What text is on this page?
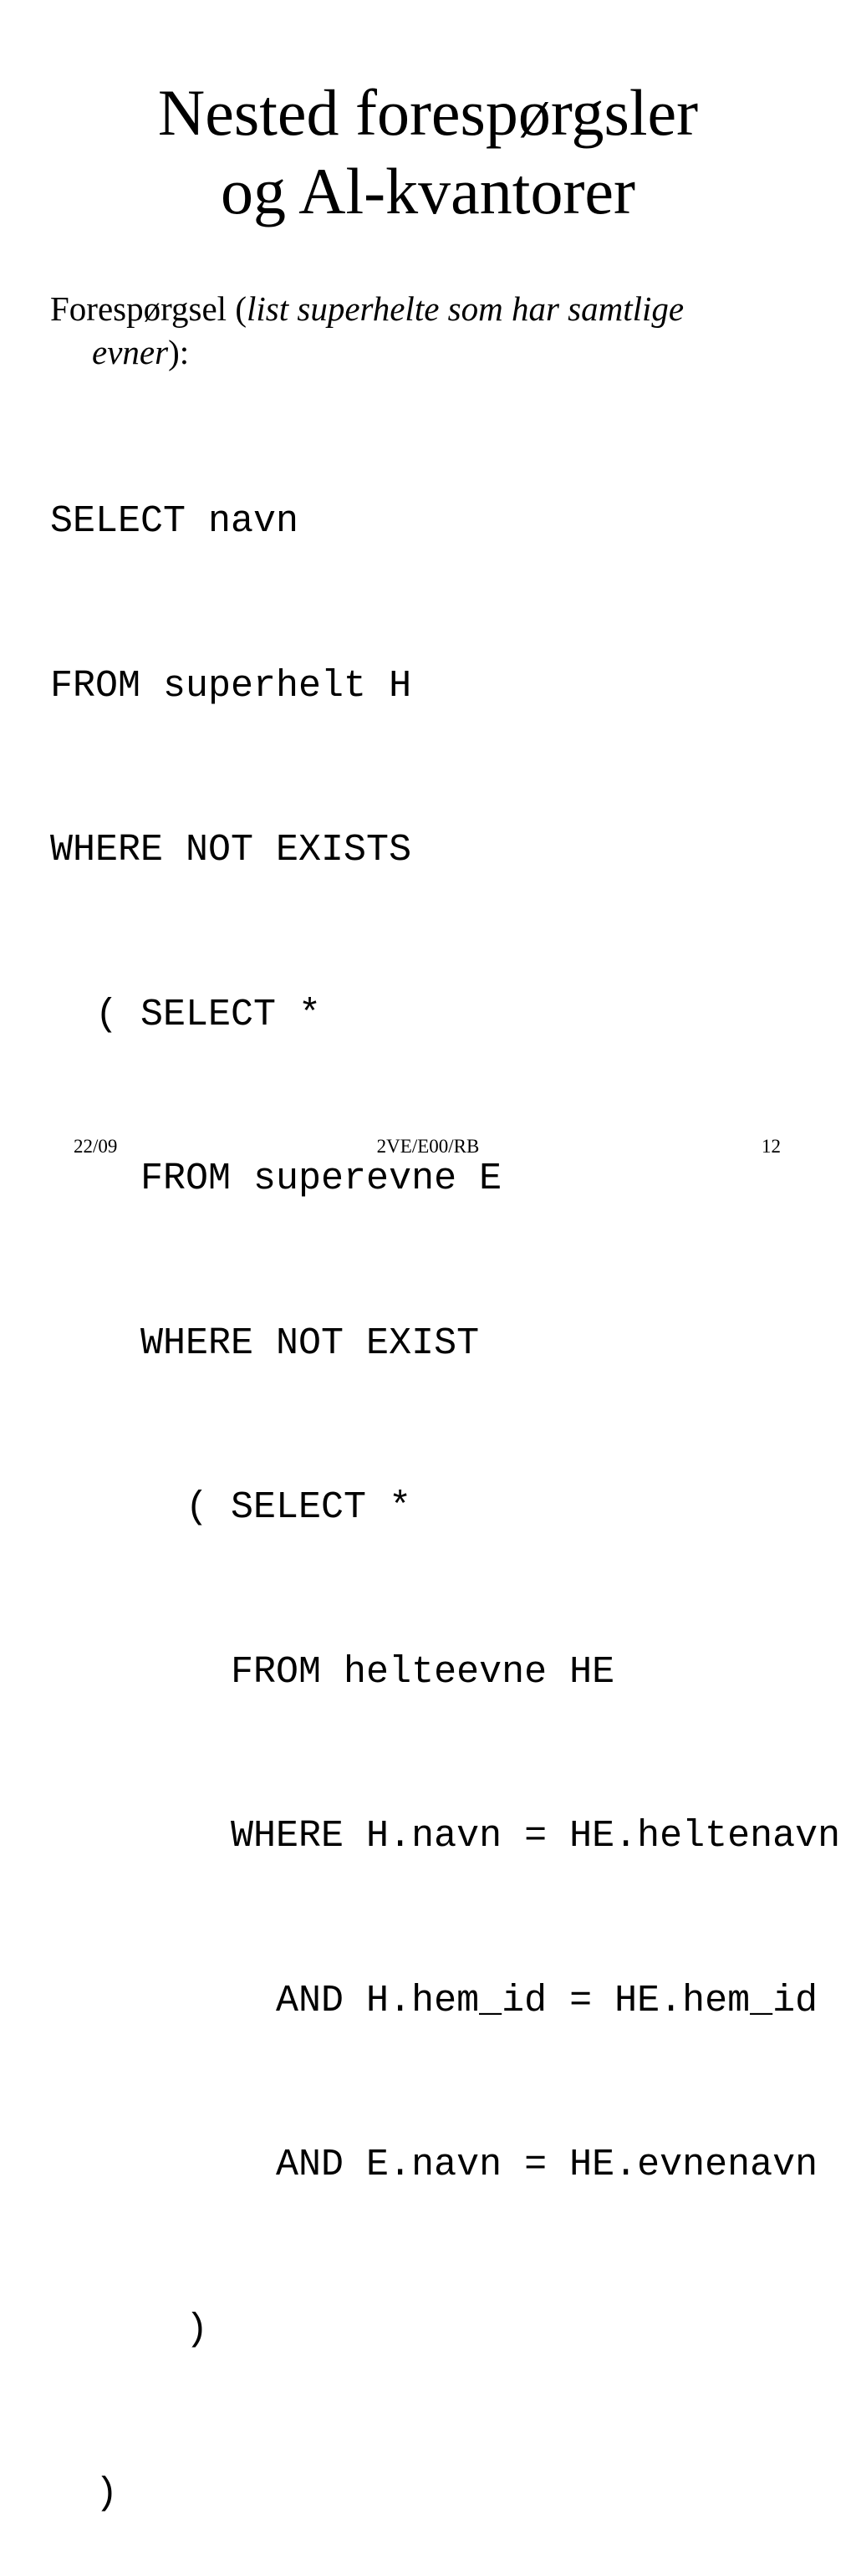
Nested forespørgsler
og Al-kvantorer

Forespørgsel (list superhelte som har samtlige
evner):

SELECT navn

FROM superhelt H

WHERE NOT EXISTS

( SELECT *

FROM superevne E

WHERE NOT EXIST

( SELECT *

FROM helteevne HE

WHERE H.navn = HE.heltenavn

AND H.hem_id = HE.hem_id

AND E.navn = HE.evnenavn

)

)

22/09	2VE/E00/RB	12
